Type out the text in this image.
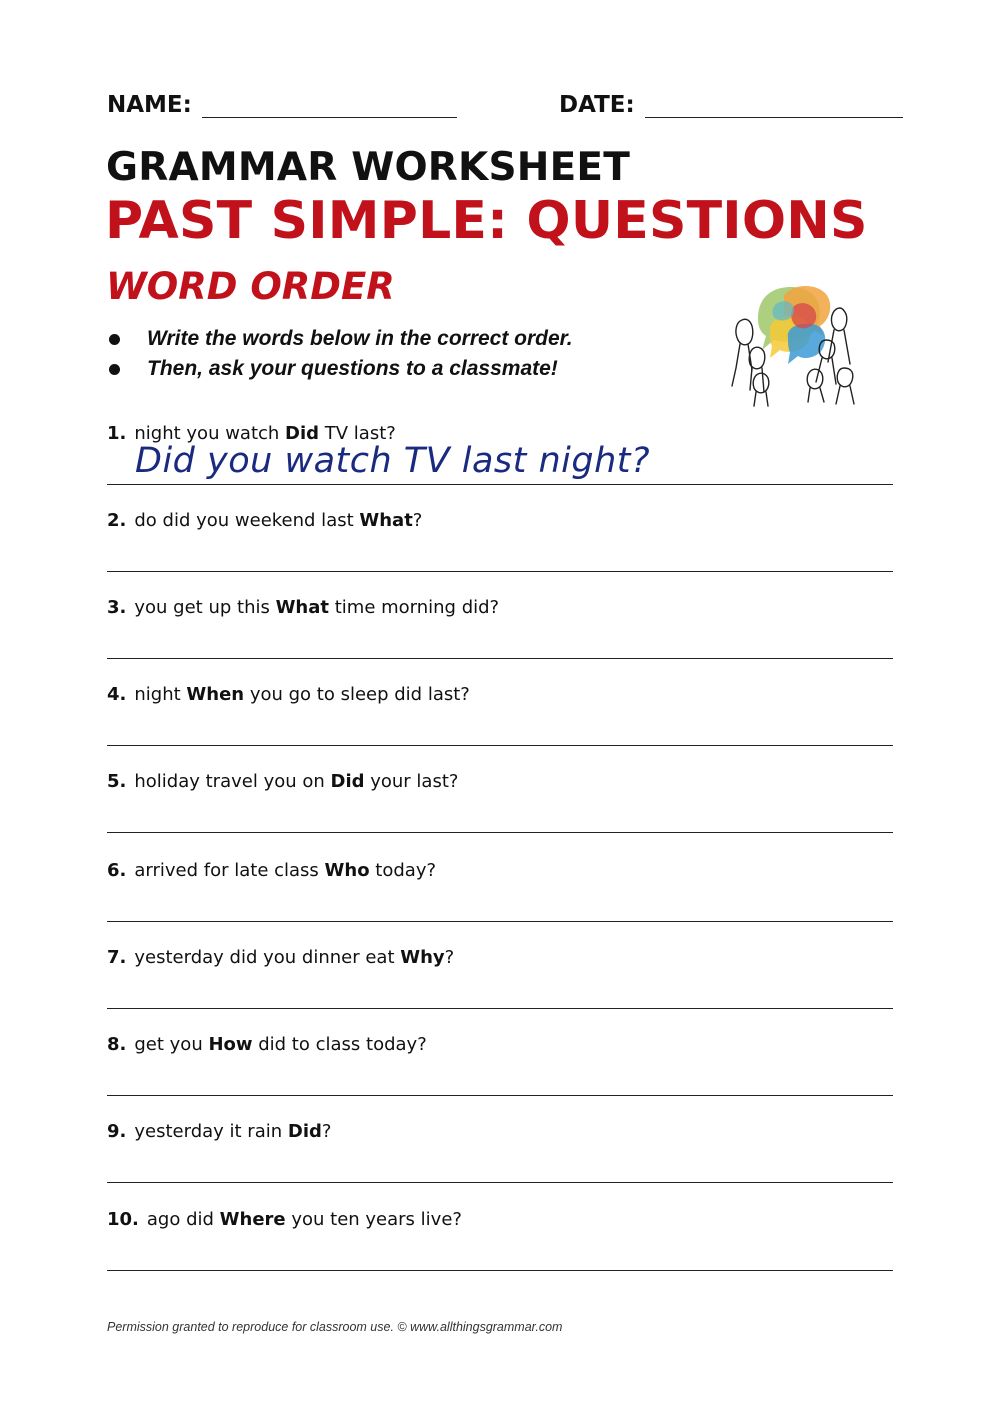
NAME:	DATE:
GRAMMAR WORKSHEET
PAST SIMPLE: QUESTIONS
WORD ORDER
Write the words below in the correct order.
Then, ask your questions to a classmate!
1. night you watch Did TV last?
Did you watch TV last night?
2. do did you weekend last What?
3. you get up this What time morning did?
4. night When you go to sleep did last?
5. holiday travel you on Did your last?
6. arrived for late class Who today?
7. yesterday did you dinner eat Why?
8. get you How did to class today?
9. yesterday it rain Did?
10. ago did Where you ten years live?
Permission granted to reproduce for classroom use. © www.allthingsgrammar.com
